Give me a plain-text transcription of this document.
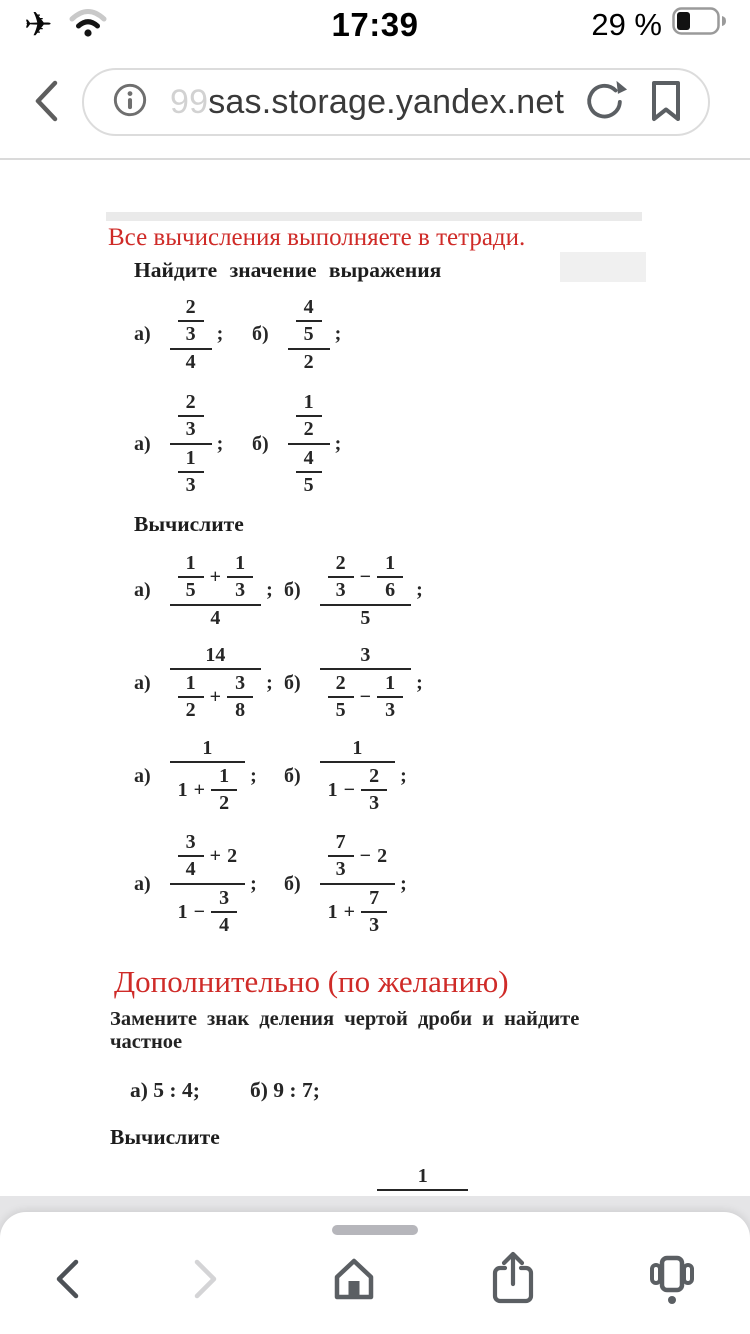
✈	17:39	29 %
99 sas.storage.yandex.net

Все вычисления выполняете в тетради.

Найдите значение выражения
$а) \frac{\frac{2}{3}}{4}$ ; $б) \frac{\frac{4}{5}}{2}$ ;
$а) \frac{\frac{2}{3}}{\frac{1}{3}}$ ; $б) \frac{\frac{1}{2}}{\frac{4}{5}}$ ;
Вычислите
$а) \frac{\frac{1}{5} + \frac{1}{3}}{4}$ ; $б) \frac{\frac{2}{3} - \frac{1}{6}}{5}$ ;
$а) \frac{14}{\frac{1}{2} + \frac{3}{8}}$ ; $б) \frac{3}{\frac{2}{5} - \frac{1}{3}}$ ;
$а) \frac{1}{1 + \frac{1}{2}}$ ; $б) \frac{1}{1 - \frac{2}{3}}$ ;
$а) \frac{\frac{3}{4} + 2}{1 - \frac{3}{4}}$ ; $б) \frac{\frac{7}{3} - 2}{1 + \frac{7}{3}}$ ;
Дополнительно (по желанию)

Замените знак деления чертой дроби и найдите частное

а) 5 : 4;	б) 9 : 7;
Вычислите
1
